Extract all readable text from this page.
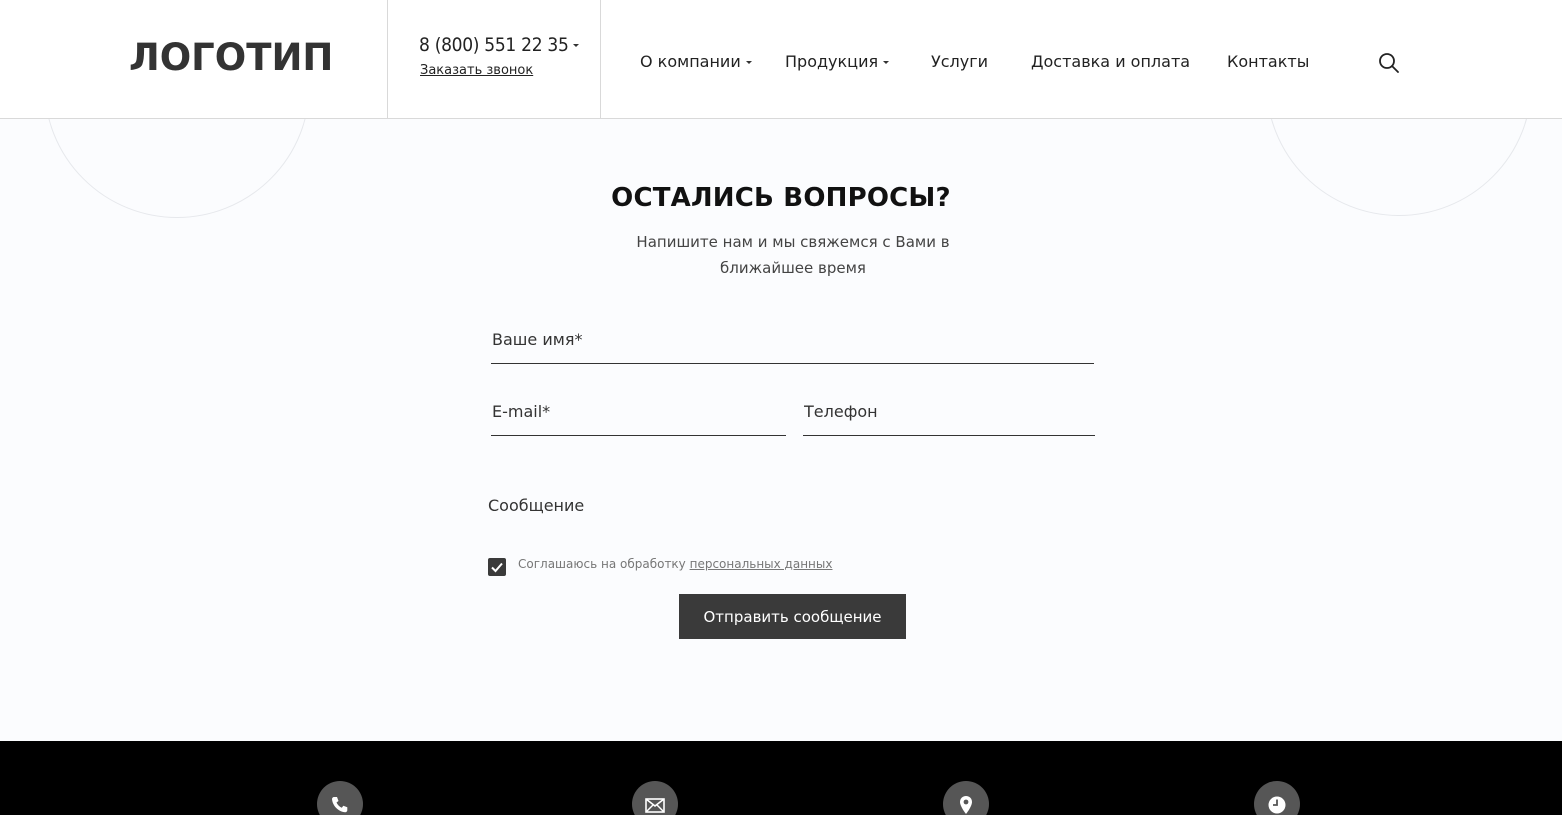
ЛОГОТИП	8 (800) 551 22 35
Заказать звонок	О компании	Продукция	Услуги	Доставка и оплата Контакты
ОСТАЛИСЬ ВОПРОСЫ?

Напишите нам и мы свяжемся с Вами в ближайшее время

Ваше имя*
E-mail*
Телефон
Сообщение
Соглашаюсь на обработку персональных данных
Отправить сообщение
